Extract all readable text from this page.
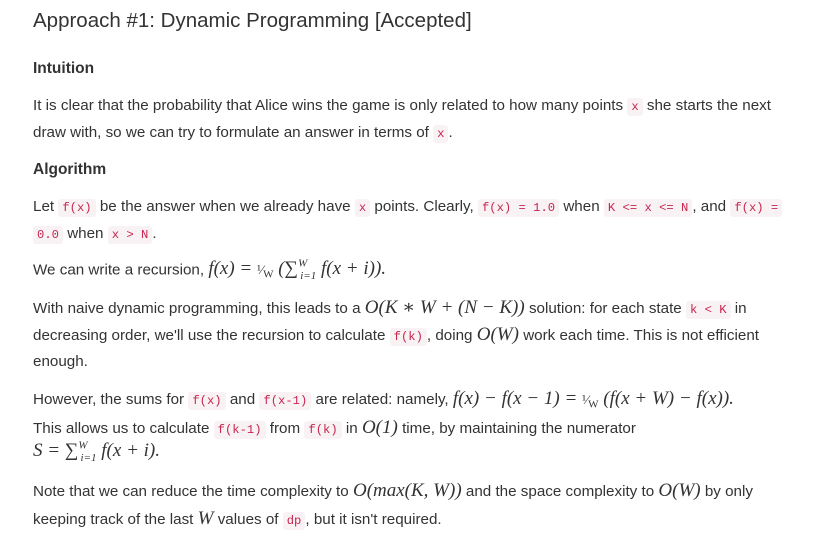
Approach #1: Dynamic Programming [Accepted]
Intuition
It is clear that the probability that Alice wins the game is only related to how many points x she starts the next
draw with, so we can try to formulate an answer in terms of x .
Algorithm
Let f(x) be the answer when we already have x points. Clearly, f(x) = 1.0 when K <= x <= N , and f(x) =
0.0 when x > N .
We can write a recursion, $f(x) = ^1⁄_W$ (∑$^W_{i=1}$ f(x + i)).
With naive dynamic programming, this leads to a O(K ∗ W + (N − K)) solution: for each state k < K in
decreasing order, we'll use the recursion to calculate f(k) , doing O(W) work each time. This is not efficient
enough.
However, the sums for f(x) and f(x-1) are related: namely, $f(x) - f(x - 1) = ^1⁄_W$ (f(x + W) − f(x)).
This allows us to calculate f(k-1) from f(k) in O(1) time, by maintaining the numerator
S = ∑$^W_{i=1}$ f(x + i).
Note that we can reduce the time complexity to O(max(K, W)) and the space complexity to O(W) by only
keeping track of the last W values of dp , but it isn't required.
